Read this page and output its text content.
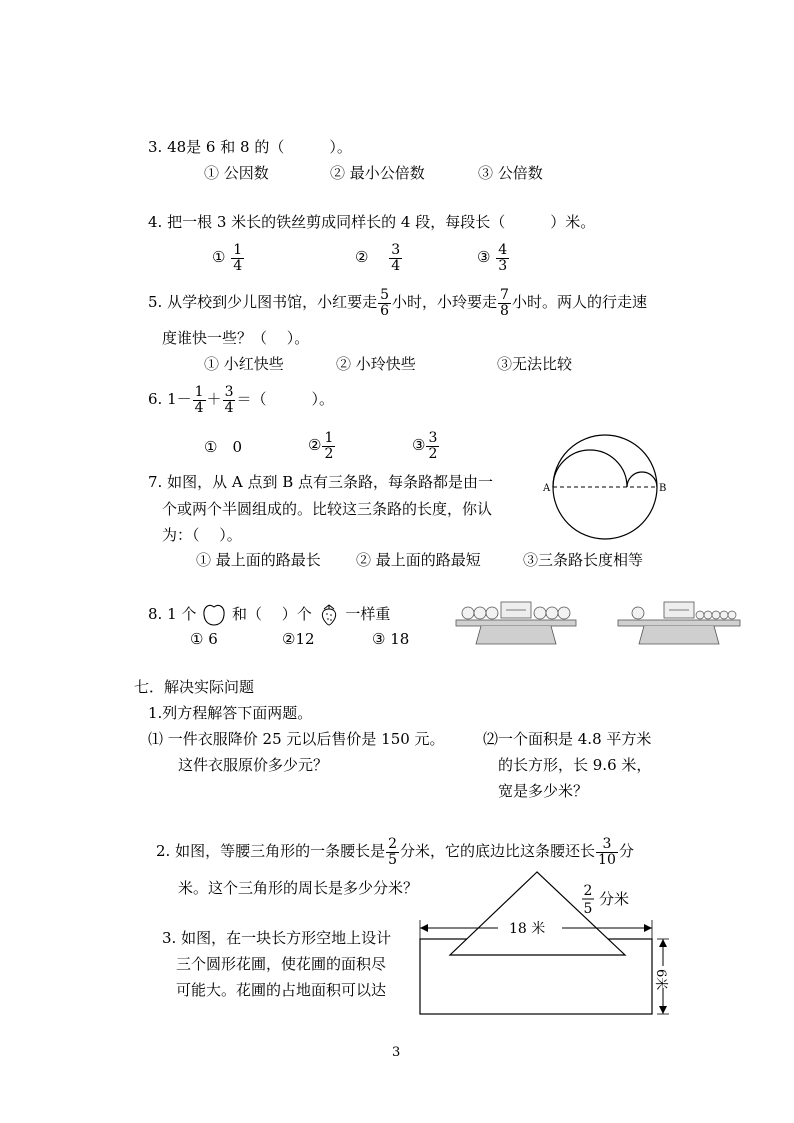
3. 48是 6 和 8 的（　　　）。
① 公因数	② 最小公倍数	③ 公倍数
4. 把一根 3 米长的铁丝剪成同样长的 4 段，每段长（　　　）米。
① $\frac{1}{4}$	②　 $\frac{3}{4}$	③ $\frac{4}{3}$
5. 从学校到少儿图书馆，小红要走 $\frac{5}{6}$ 小时，小玲要走 $\frac{7}{8}$ 小时。两人的行走速
度谁快一些？（　 ）。
① 小红快些	② 小玲快些	③无法比较
6. $1- \frac{1}{4} + \frac{3}{4}$ ＝（　　　）。
①　0	② $\frac{1}{2}$	③ $\frac{3}{2}$
7. 如图，从 A 点到 B 点有三条路，每条路都是由一
个或两个半圆组成的。比较这三条路的长度，你认
为：（　 ）。
① 最上面的路最长 ② 最上面的路最短	③三条路长度相等
A	B
8. 1 个 和（　 ）个 一样重
① 6	②12	③ 18
七．解决实际问题
1.列方程解答下面两题。
⑴ 一件衣服降价 25 元以后售价是 150 元。
这件衣服原价多少元？
⑵一个面积是 4.8 平方米
的长方形，长 9.6 米，
宽是多少米？
2. 如图，等腰三角形的一条腰长是 $\frac{2}{5}$ 分米，它的底边比这条腰还长 $\frac{3}{10}$ 分
米。这个三角形的周长是多少分米？
3. 如图，在一块长方形空地上设计
三个圆形花圃，使花圃的面积尽
可能大。花圃的占地面积可以达
18 米
6米
2
5
分米
3
